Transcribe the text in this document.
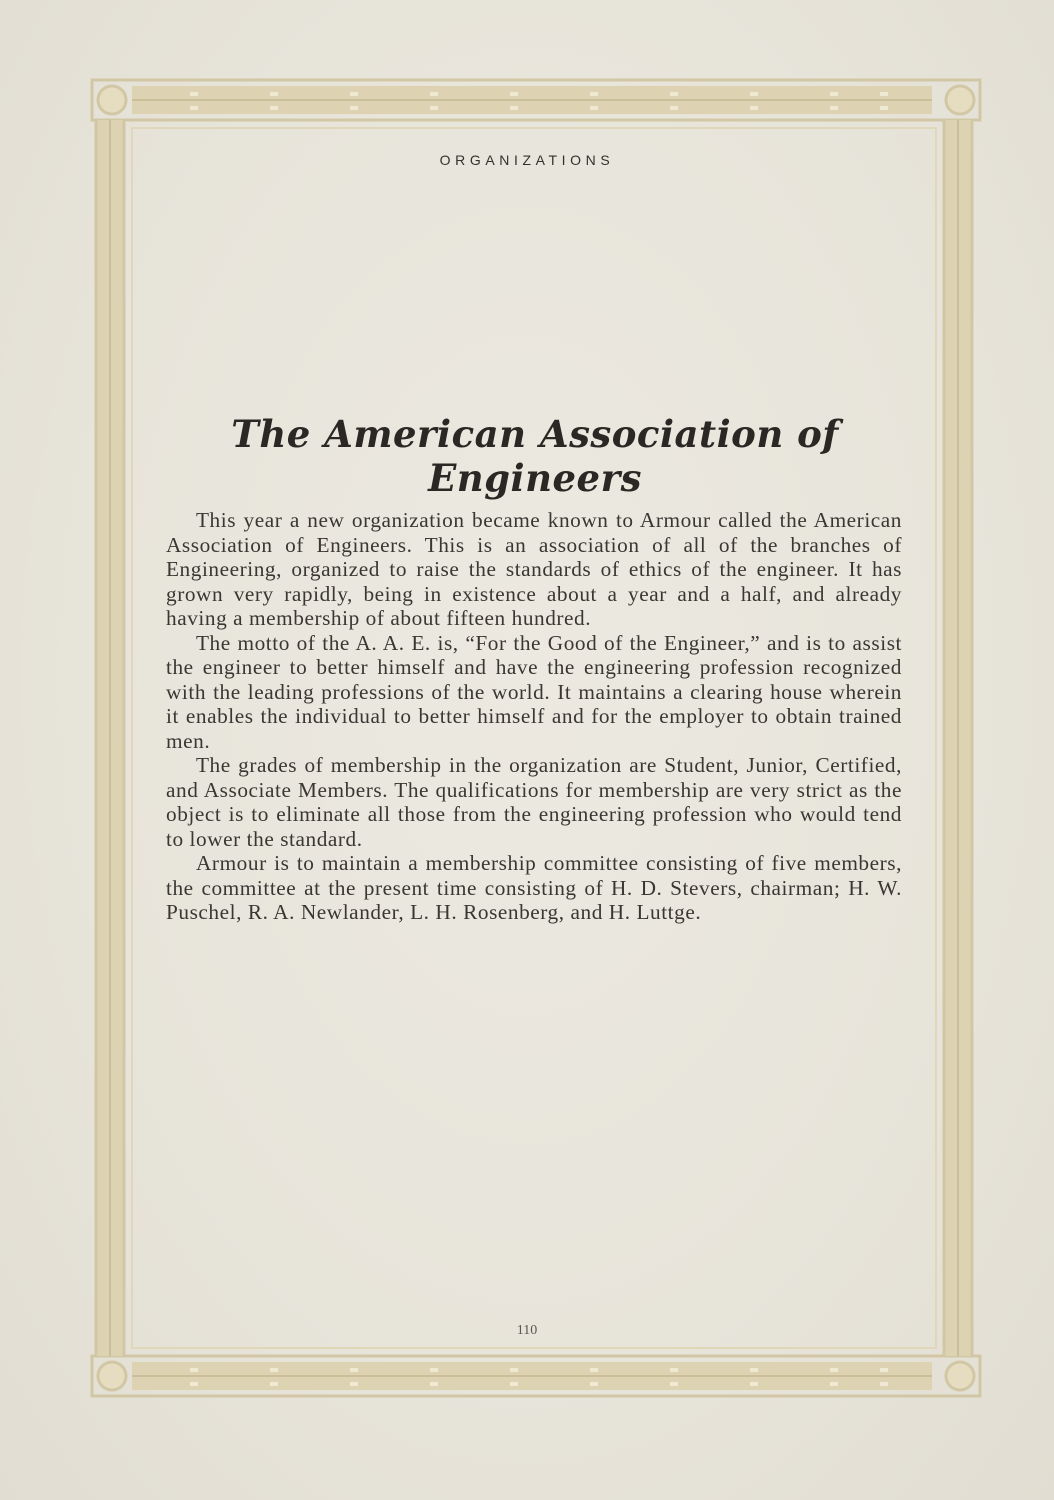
ORGANIZATIONS
The American Association of Engineers

This year a new organization became known to Armour called the American Association of Engineers. This is an association of all of the branches of Engineering, organized to raise the standards of ethics of the engineer. It has grown very rapidly, being in existence about a year and a half, and already having a membership of about fifteen hundred.

The motto of the A. A. E. is, “For the Good of the Engineer,” and is to assist the engineer to better himself and have the engineering profession recognized with the leading professions of the world. It maintains a clearing house wherein it enables the individual to better himself and for the employer to obtain trained men.

The grades of membership in the organization are Student, Junior, Certified, and Associate Members. The qualifications for membership are very strict as the object is to eliminate all those from the engineering profession who would tend to lower the standard.

Armour is to maintain a membership committee consisting of five members, the committee at the present time consisting of H. D. Stevers, chairman; H. W. Puschel, R. A. Newlander, L. H. Rosenberg, and H. Luttge.

110
